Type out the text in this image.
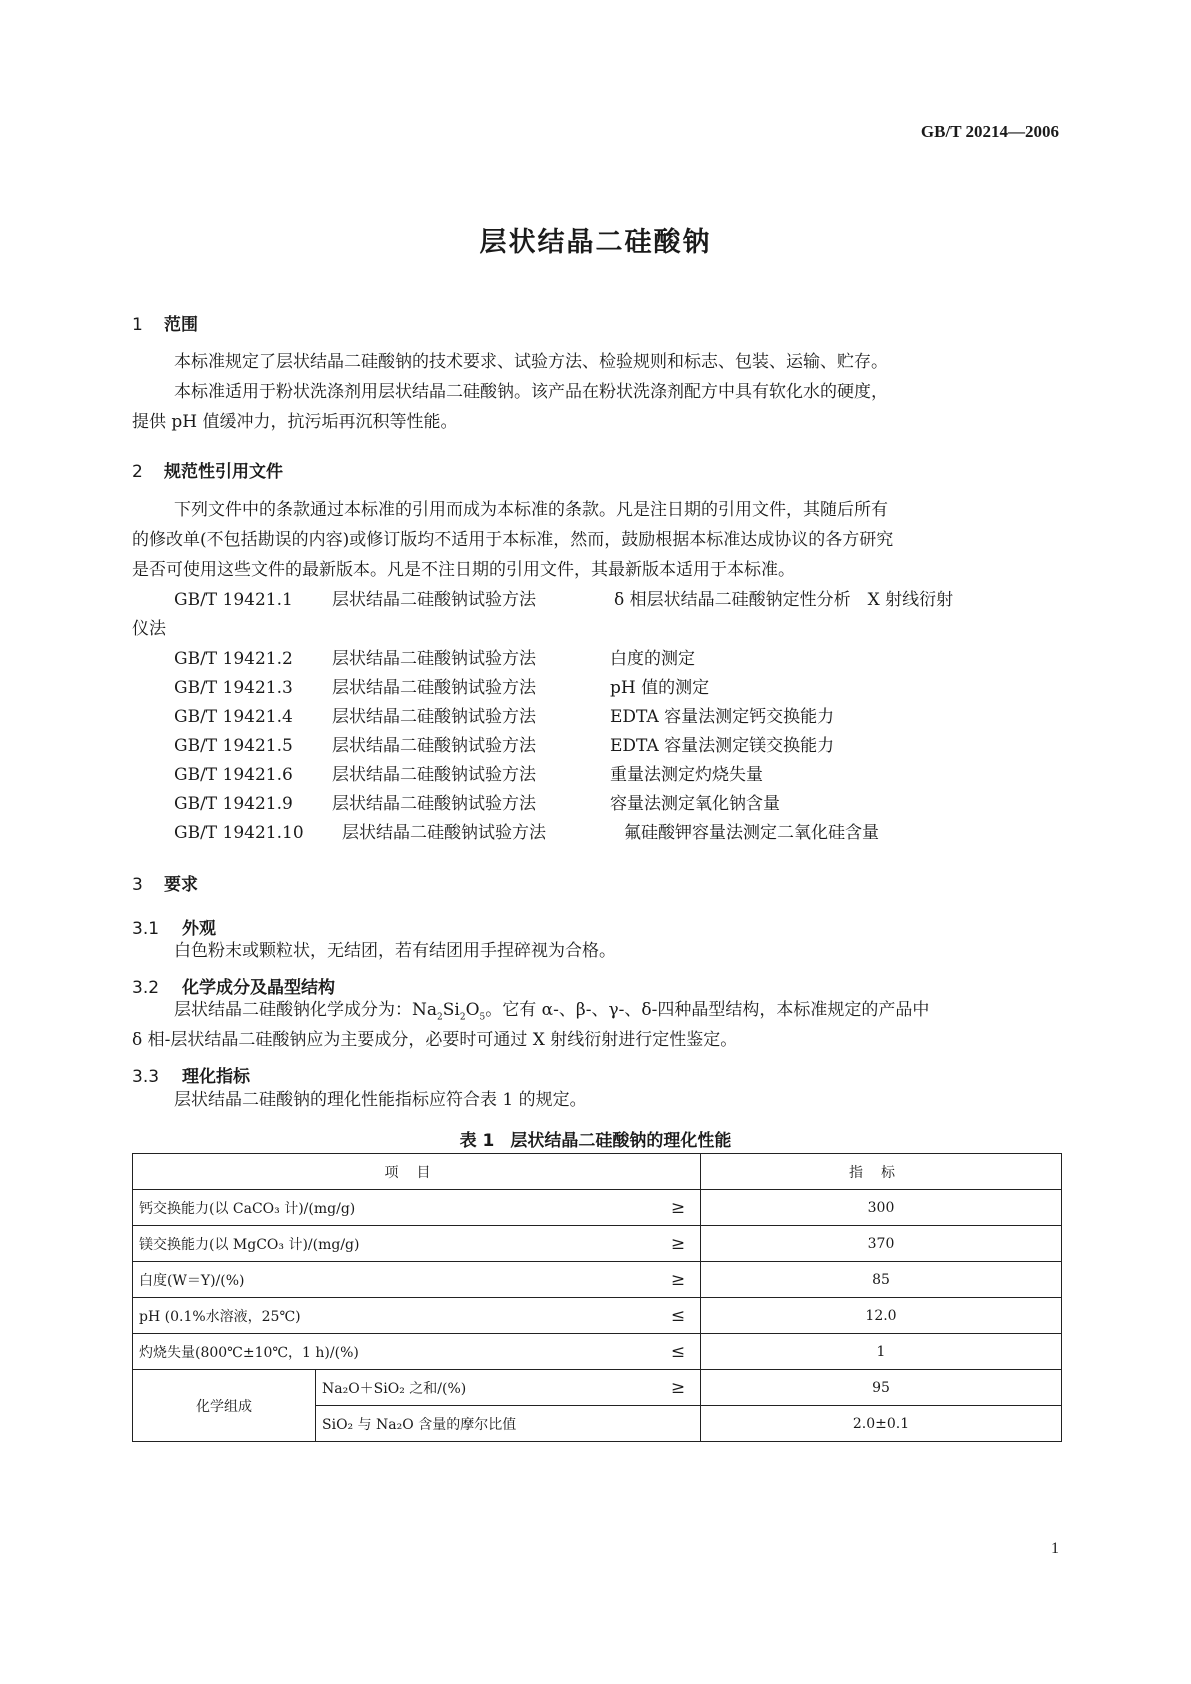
GB/T 20214—2006
层状结晶二硅酸钠
1 范围
本标准规定了层状结晶二硅酸钠的技术要求、试验方法、检验规则和标志、包装、运输、贮存。
本标准适用于粉状洗涤剂用层状结晶二硅酸钠。该产品在粉状洗涤剂配方中具有软化水的硬度，
提供 pH 值缓冲力，抗污垢再沉积等性能。
2 规范性引用文件
下列文件中的条款通过本标准的引用而成为本标准的条款。凡是注日期的引用文件，其随后所有
的修改单(不包括勘误的内容)或修订版均不适用于本标准，然而，鼓励根据本标准达成协议的各方研究
是否可使用这些文件的最新版本。凡是不注日期的引用文件，其最新版本适用于本标准。
GB/T 19421.1 层状结晶二硅酸钠试验方法	δ 相层状结晶二硅酸钠定性分析　X 射线衍射
仪法
GB/T 19421.2 层状结晶二硅酸钠试验方法	白度的测定
GB/T 19421.3 层状结晶二硅酸钠试验方法	pH 值的测定
GB/T 19421.4 层状结晶二硅酸钠试验方法	EDTA 容量法测定钙交换能力
GB/T 19421.5 层状结晶二硅酸钠试验方法	EDTA 容量法测定镁交换能力
GB/T 19421.6 层状结晶二硅酸钠试验方法	重量法测定灼烧失量
GB/T 19421.9 层状结晶二硅酸钠试验方法	容量法测定氧化钠含量
GB/T 19421.10 层状结晶二硅酸钠试验方法	氟硅酸钾容量法测定二氧化硅含量
3 要求
3.1 外观
白色粉末或颗粒状，无结团，若有结团用手捏碎视为合格。
3.2 化学成分及晶型结构
层状结晶二硅酸钠化学成分为：$Na_2Si_2O_5$。它有 α-、β-、γ-、δ-四种晶型结构，本标准规定的产品中
δ 相-层状结晶二硅酸钠应为主要成分，必要时可通过 X 射线衍射进行定性鉴定。
3.3 理化指标
层状结晶二硅酸钠的理化性能指标应符合表 1 的规定。
表 1 层状结晶二硅酸钠的理化性能
项目			指标
钙交换能力(以 CaCO₃ 计)/(mg/g)		≥	300
镁交换能力(以 MgCO₃ 计)/(mg/g)		≥	370
白度(W＝Y)/(%)		≥	85
pH (0.1%水溶液，25℃)		≤	12.0
灼烧失量(800℃±10℃，1 h)/(%)		≤	1
化学组成	Na₂O＋SiO₂ 之和/(%)	≥	95
	SiO₂ 与 Na₂O 含量的摩尔比值		2.0±0.1
1
